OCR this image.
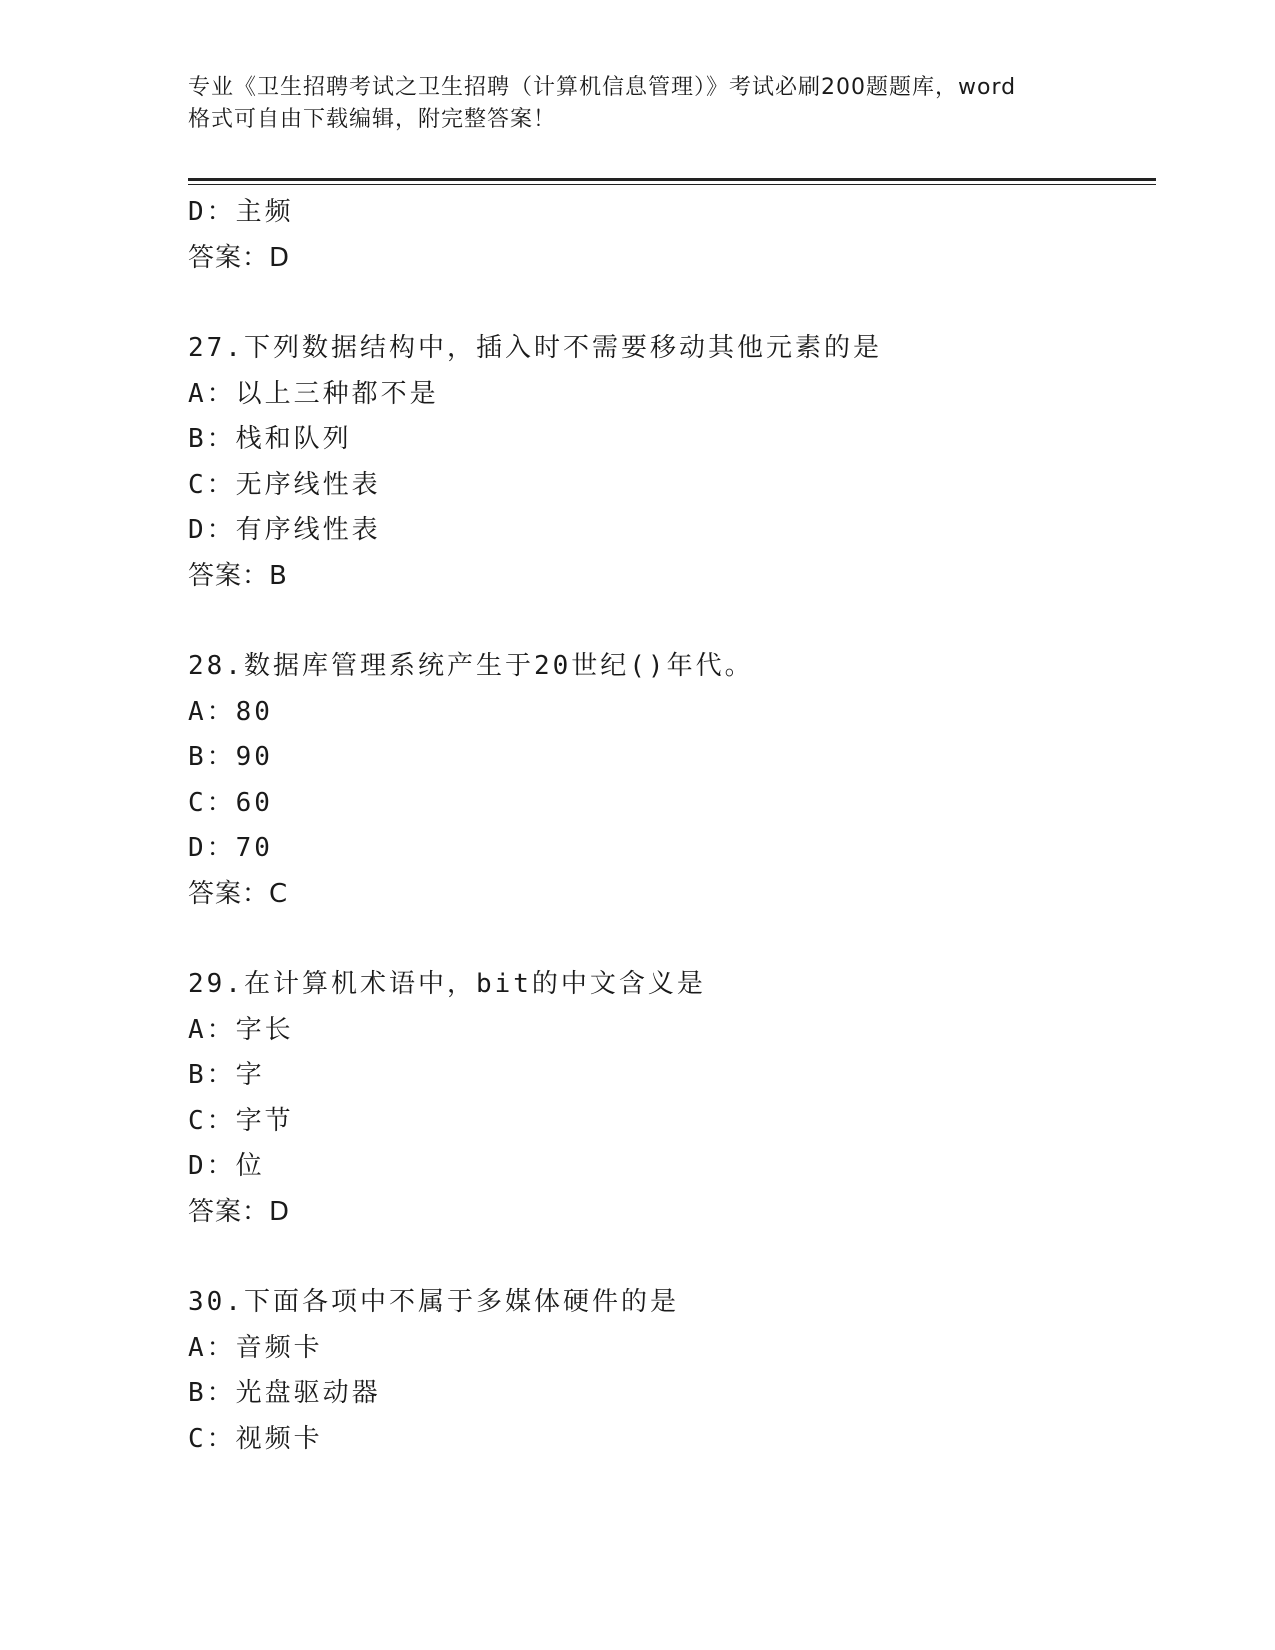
专业《卫生招聘考试之卫生招聘（计算机信息管理）》考试必刷200题题库，word
格式可自由下载编辑，附完整答案！
D：主频
答案：D
27.下列数据结构中，插入时不需要移动其他元素的是
A：以上三种都不是
B：栈和队列
C：无序线性表
D：有序线性表
答案：B
28.数据库管理系统产生于20世纪()年代。
A：80
B：90
C：60
D：70
答案：C
29.在计算机术语中，bit的中文含义是
A：字长
B：字
C：字节
D：位
答案：D
30.下面各项中不属于多媒体硬件的是
A：音频卡
B：光盘驱动器
C：视频卡
